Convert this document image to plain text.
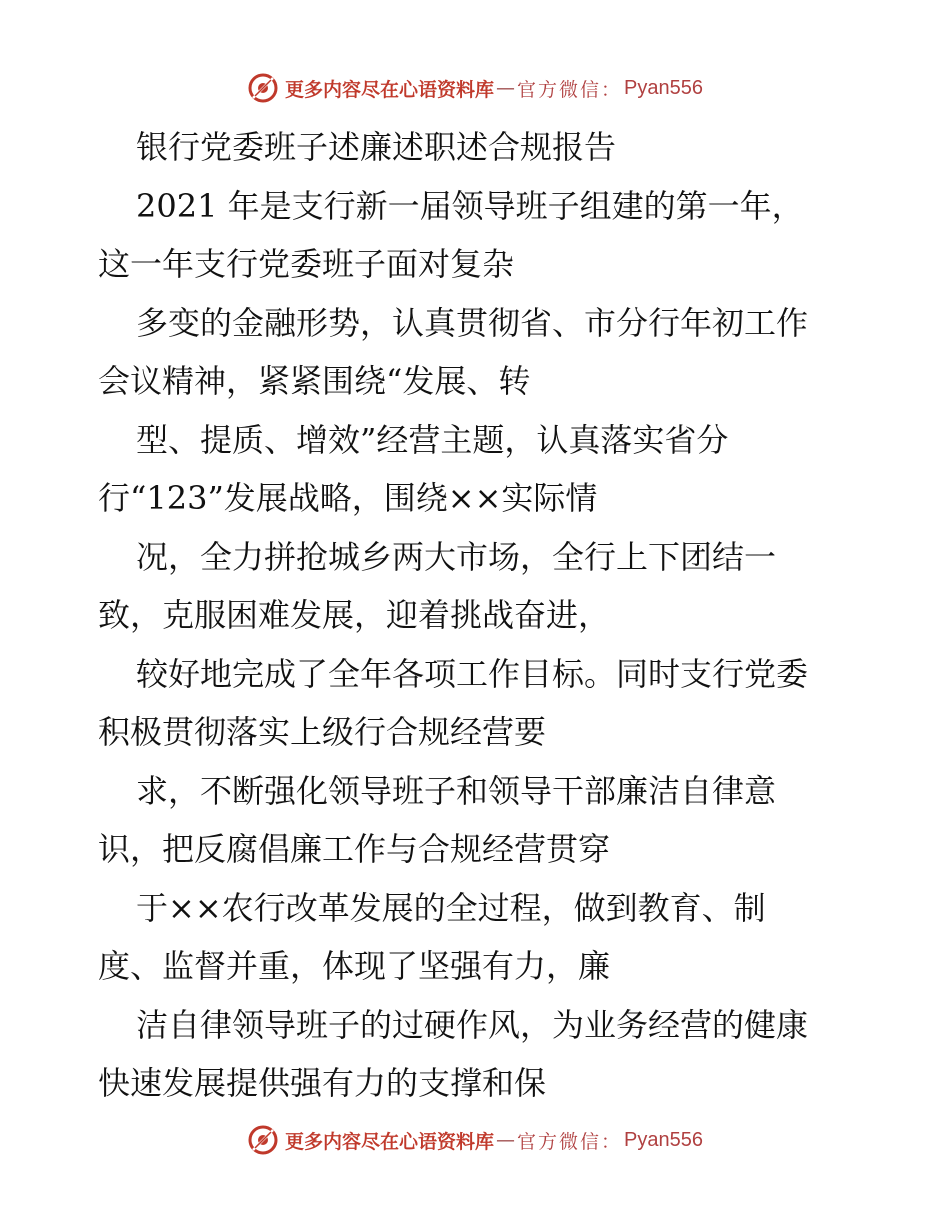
更多内容尽在心语资料库 — 官方微信： Pyan556
银行党委班子述廉述职述合规报告
2021 年是支行新一届领导班子组建的第一年，
这一年支行党委班子面对复杂
多变的金融形势，认真贯彻省、市分行年初工作
会议精神，紧紧围绕“发展、转
型、提质、增效”经营主题，认真落实省分
行“123”发展战略，围绕××实际情
况，全力拼抢城乡两大市场，全行上下团结一
致，克服困难发展，迎着挑战奋进，
较好地完成了全年各项工作目标。同时支行党委
积极贯彻落实上级行合规经营要
求，不断强化领导班子和领导干部廉洁自律意
识，把反腐倡廉工作与合规经营贯穿
于××农行改革发展的全过程，做到教育、制
度、监督并重，体现了坚强有力，廉
洁自律领导班子的过硬作风，为业务经营的健康
快速发展提供强有力的支撑和保
更多内容尽在心语资料库 — 官方微信： Pyan556
